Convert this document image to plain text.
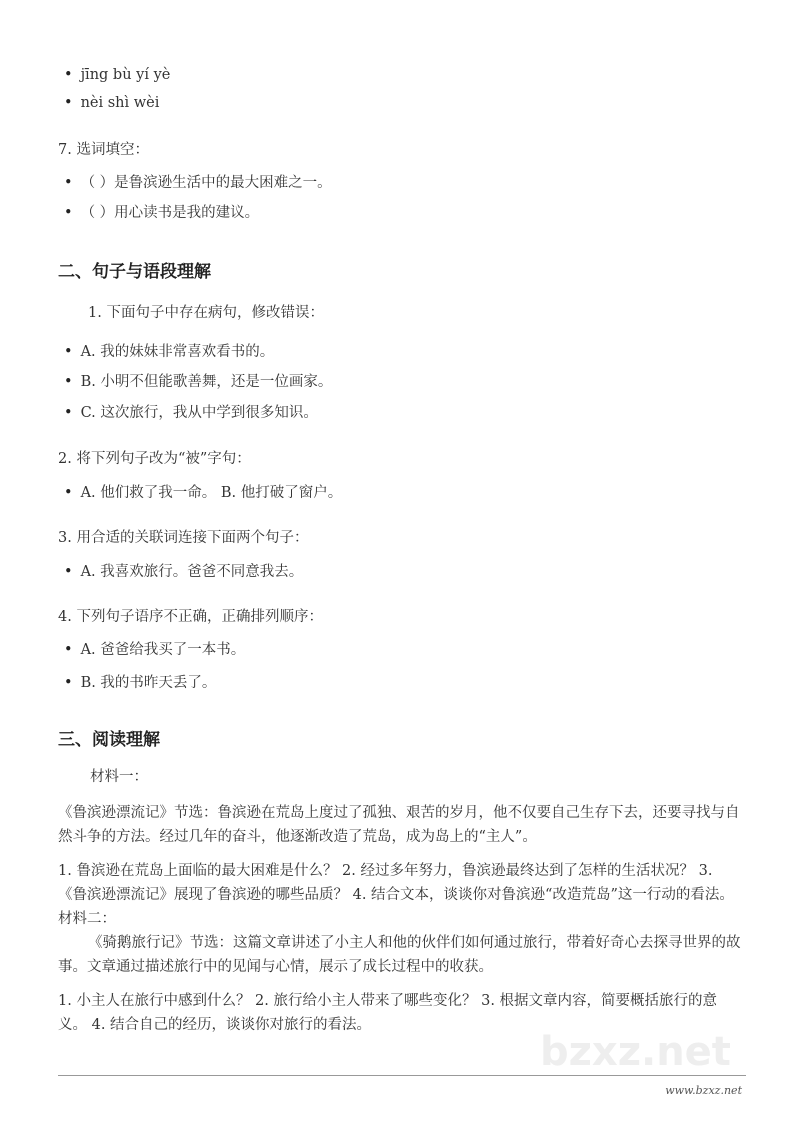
bzxz.net
• jīng bù yí yè
• nèi shì wèi
7. 选词填空：
• （ ）是鲁滨逊生活中的最大困难之一。
• （ ）用心读书是我的建议。
二、句子与语段理解
1. 下面句子中存在病句，修改错误：
• A. 我的妹妹非常喜欢看书的。
• B. 小明不但能歌善舞，还是一位画家。
• C. 这次旅行，我从中学到很多知识。
2. 将下列句子改为“被”字句：
• A. 他们救了我一命。 B. 他打破了窗户。
3. 用合适的关联词连接下面两个句子：
• A. 我喜欢旅行。爸爸不同意我去。
4. 下列句子语序不正确，正确排列顺序：
• A. 爸爸给我买了一本书。
• B. 我的书昨天丢了。
三、阅读理解
材料一：

《鲁滨逊漂流记》节选：鲁滨逊在荒岛上度过了孤独、艰苦的岁月，他不仅要自己生存下去，还要寻找与自然斗争的方法。经过几年的奋斗，他逐渐改造了荒岛，成为岛上的“主人”。

1. 鲁滨逊在荒岛上面临的最大困难是什么？ 2. 经过多年努力，鲁滨逊最终达到了怎样的生活状况？ 3. 《鲁滨逊漂流记》展现了鲁滨逊的哪些品质？ 4. 结合文本，谈谈你对鲁滨逊“改造荒岛”这一行动的看法。 材料二：

《骑鹅旅行记》节选：这篇文章讲述了小主人和他的伙伴们如何通过旅行，带着好奇心去探寻世界的故事。文章通过描述旅行中的见闻与心情，展示了成长过程中的收获。

1. 小主人在旅行中感到什么？ 2. 旅行给小主人带来了哪些变化？ 3. 根据文章内容，简要概括旅行的意义。 4. 结合自己的经历，谈谈你对旅行的看法。

www.bzxz.net
